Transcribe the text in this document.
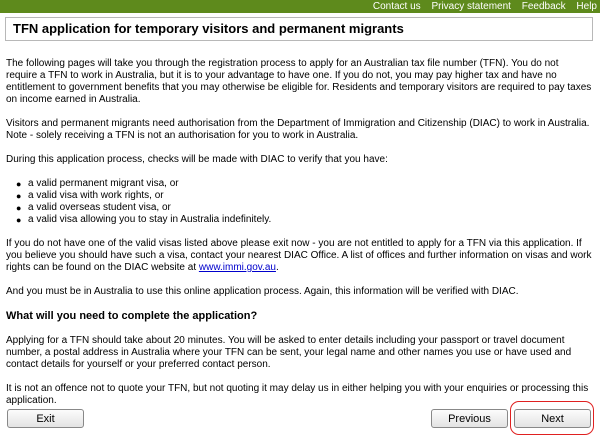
Contact us Privacy statement Feedback Help
TFN application for temporary visitors and permanent migrants

The following pages will take you through the registration process to apply for an Australian tax file number (TFN). You do not require a TFN to work in Australia, but it is to your advantage to have one. If you do not, you may pay higher tax and have no entitlement to government benefits that you may otherwise be eligible for. Residents and temporary visitors are required to pay taxes on income earned in Australia.

Visitors and permanent migrants need authorisation from the Department of Immigration and Citizenship (DIAC) to work in Australia. Note - solely receiving a TFN is not an authorisation for you to work in Australia.

During this application process, checks will be made with DIAC to verify that you have:

● a valid permanent migrant visa, or
● a valid visa with work rights, or
● a valid overseas student visa, or
● a valid visa allowing you to stay in Australia indefinitely.

If you do not have one of the valid visas listed above please exit now - you are not entitled to apply for a TFN via this application. If you believe you should have such a visa, contact your nearest DIAC Office. A list of offices and further information on visas and work rights can be found on the DIAC website at www.immi.gov.au.

And you must be in Australia to use this online application process. Again, this information will be verified with DIAC.

What will you need to complete the application?

Applying for a TFN should take about 20 minutes. You will be asked to enter details including your passport or travel document number, a postal address in Australia where your TFN can be sent, your legal name and other names you use or have used and contact details for yourself or your preferred contact person.

It is not an offence not to quote your TFN, but not quoting it may delay us in either helping you with your enquiries or processing this application.

Exit	Previous	Next
